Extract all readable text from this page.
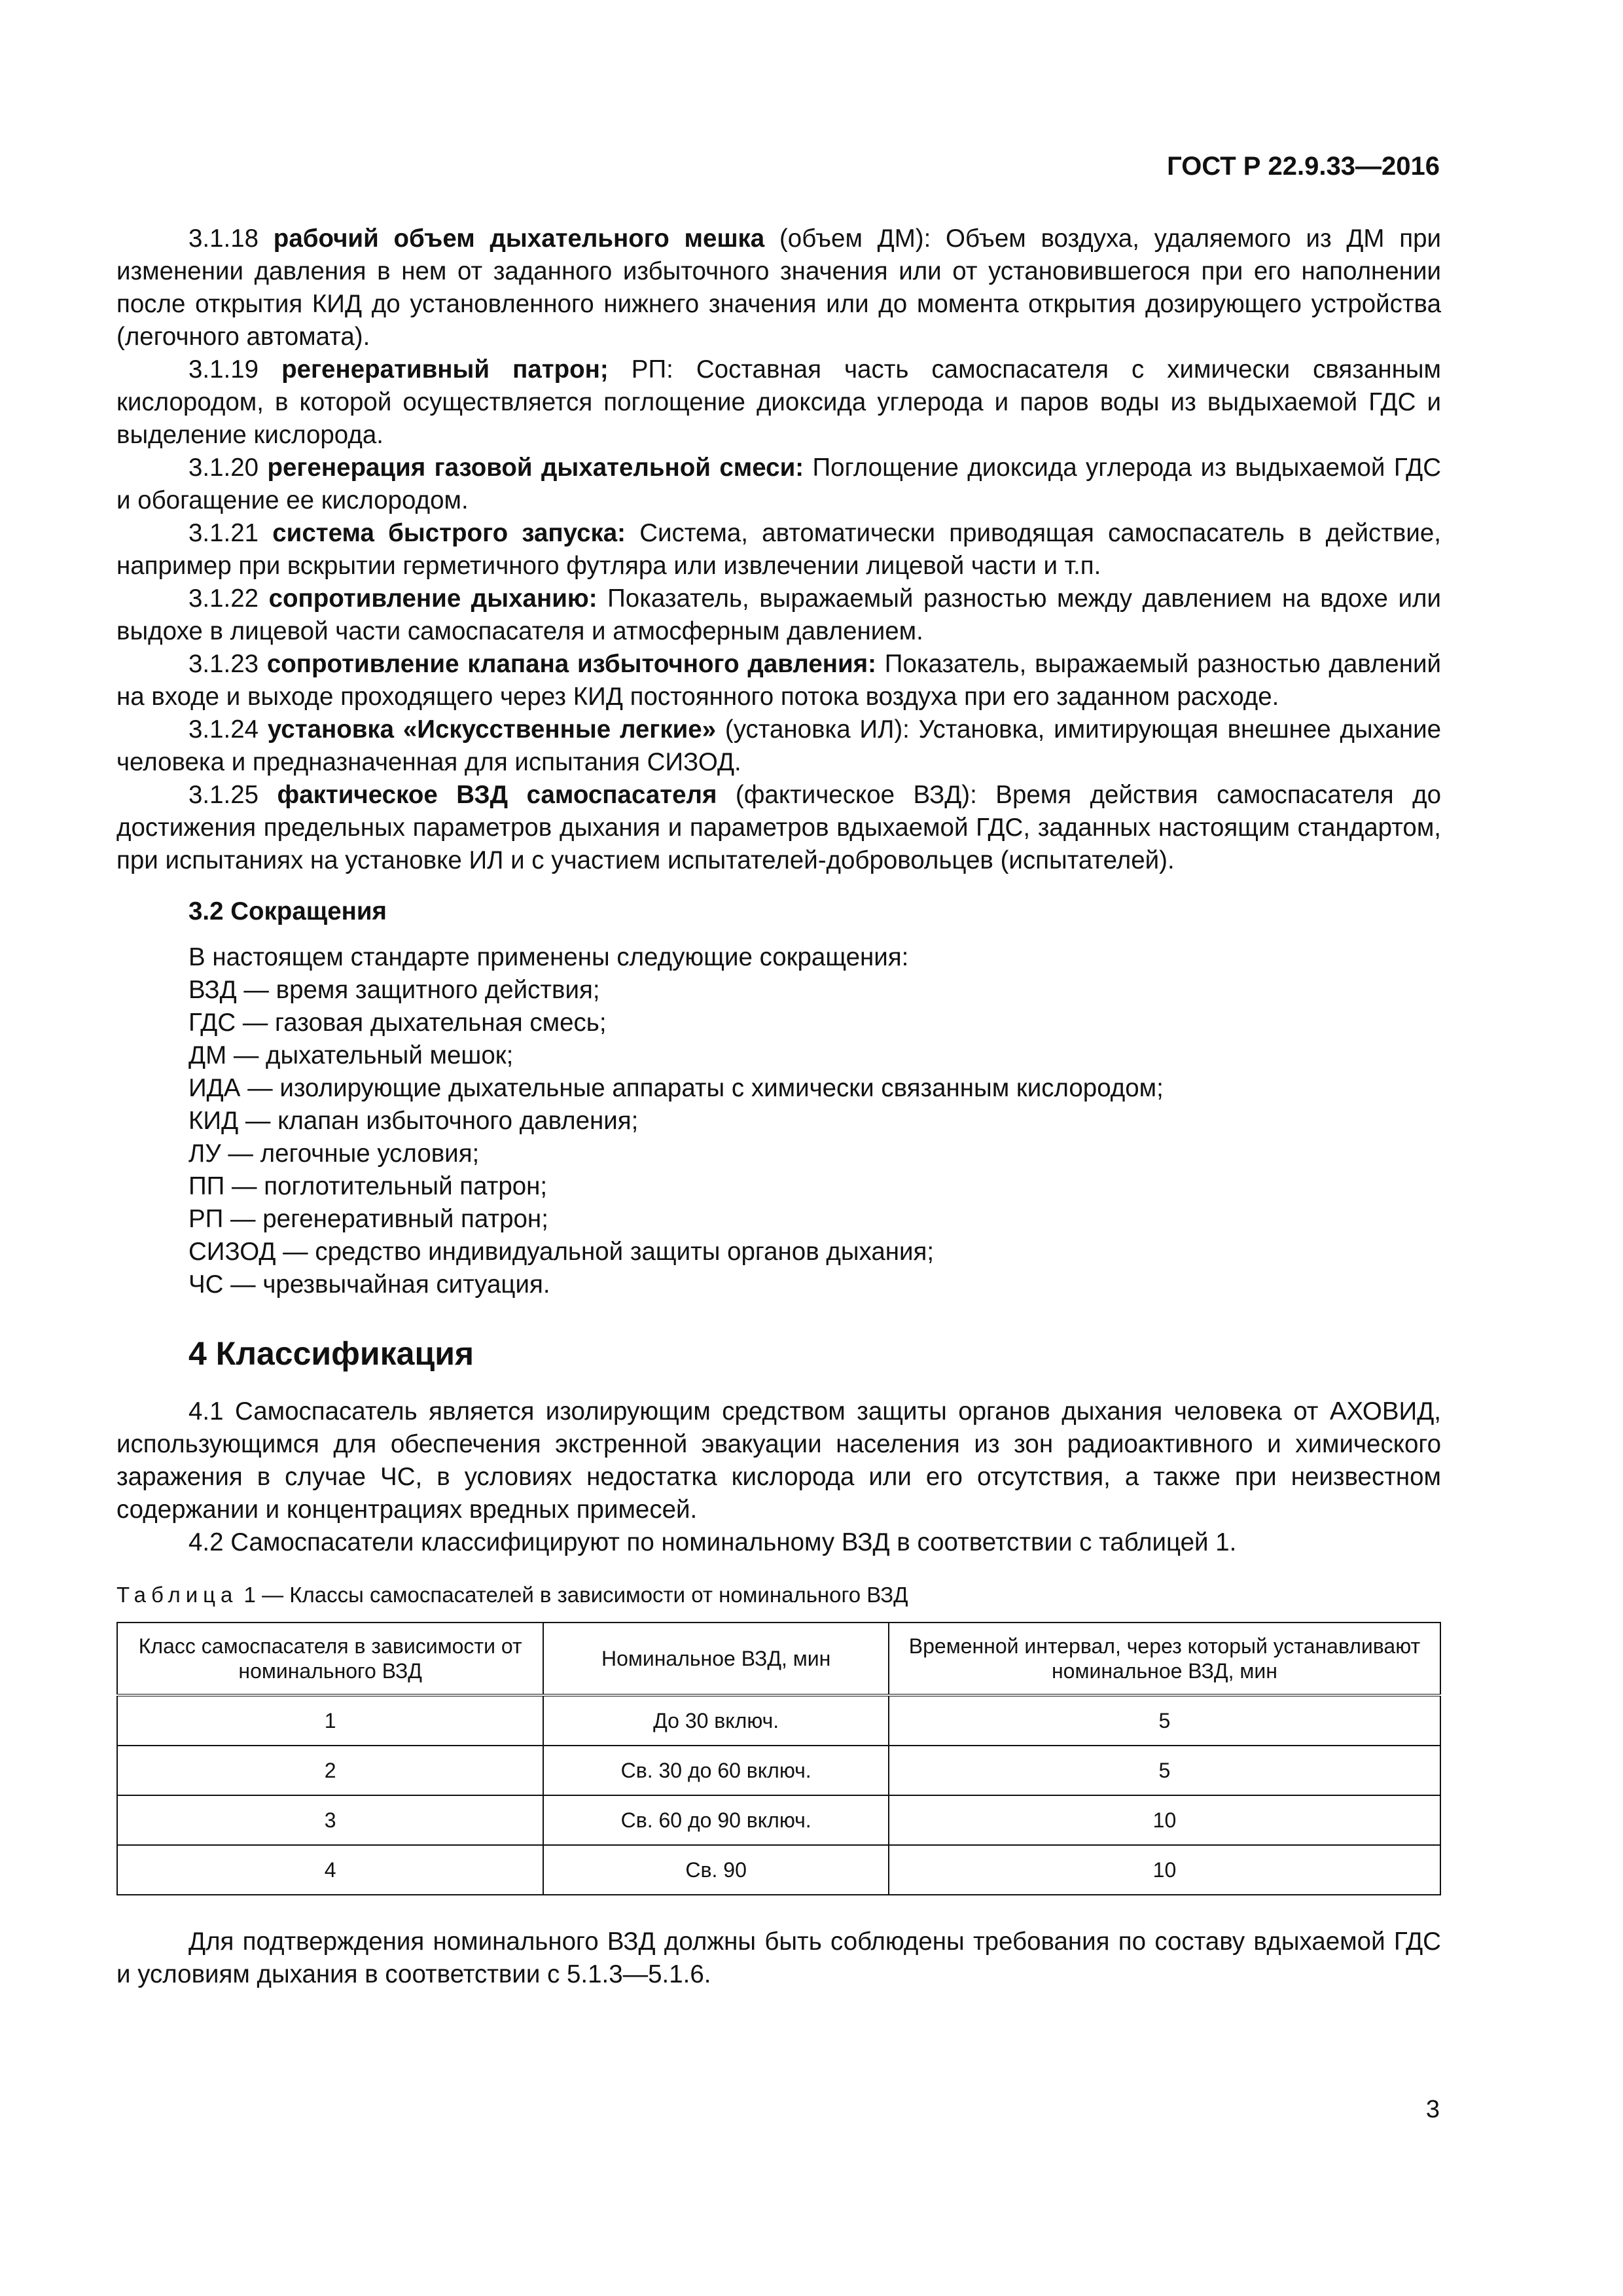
ГОСТ Р 22.9.33—2016

3.1.18 рабочий объем дыхательного мешка (объем ДМ): Объем воздуха, удаляемого из ДМ при изменении давления в нем от заданного избыточного значения или от установившегося при его наполнении после открытия КИД до установленного нижнего значения или до момента открытия дозирующего устройства (легочного автомата).

3.1.19 регенеративный патрон; РП: Составная часть самоспасателя с химически связанным кислородом, в которой осуществляется поглощение диоксида углерода и паров воды из выдыхаемой ГДС и выделение кислорода.

3.1.20 регенерация газовой дыхательной смеси: Поглощение диоксида углерода из выдыхаемой ГДС и обогащение ее кислородом.

3.1.21 система быстрого запуска: Система, автоматически приводящая самоспасатель в действие, например при вскрытии герметичного футляра или извлечении лицевой части и т.п.

3.1.22 сопротивление дыханию: Показатель, выражаемый разностью между давлением на вдохе или выдохе в лицевой части самоспасателя и атмосферным давлением.

3.1.23 сопротивление клапана избыточного давления: Показатель, выражаемый разностью давлений на входе и выходе проходящего через КИД постоянного потока воздуха при его заданном расходе.

3.1.24 установка «Искусственные легкие» (установка ИЛ): Установка, имитирующая внешнее дыхание человека и предназначенная для испытания СИЗОД.

3.1.25 фактическое ВЗД самоспасателя (фактическое ВЗД): Время действия самоспасателя до достижения предельных параметров дыхания и параметров вдыхаемой ГДС, заданных настоящим стандартом, при испытаниях на установке ИЛ и с участием испытателей-добровольцев (испытателей).

3.2 Сокращения
В настоящем стандарте применены следующие сокращения:
ВЗД — время защитного действия;
ГДС — газовая дыхательная смесь;
ДМ — дыхательный мешок;
ИДА — изолирующие дыхательные аппараты с химически связанным кислородом;
КИД — клапан избыточного давления;
ЛУ — легочные условия;
ПП — поглотительный патрон;
РП — регенеративный патрон;
СИЗОД — средство индивидуальной защиты органов дыхания;
ЧС — чрезвычайная ситуация.
4 Классификация

4.1 Самоспасатель является изолирующим средством защиты органов дыхания человека от АХОВИД, использующимся для обеспечения экстренной эвакуации населения из зон радиоактивного и химического заражения в случае ЧС, в условиях недостатка кислорода или его отсутствия, а также при неизвестном содержании и концентрациях вредных примесей.

4.2 Самоспасатели классифицируют по номинальному ВЗД в соответствии с таблицей 1.

Таблица 1 — Классы самоспасателей в зависимости от номинального ВЗД
Класс самоспасателя в зависимости от номинального ВЗД	Номинальное ВЗД, мин	Временной интервал, через который устанавливают номинальное ВЗД, мин
1	До 30 включ.	5
2	Св. 30 до 60 включ.	5
3	Св. 60 до 90 включ.	10
4	Св. 90	10

Для подтверждения номинального ВЗД должны быть соблюдены требования по составу вдыхаемой ГДС и условиям дыхания в соответствии с 5.1.3—5.1.6.

3
